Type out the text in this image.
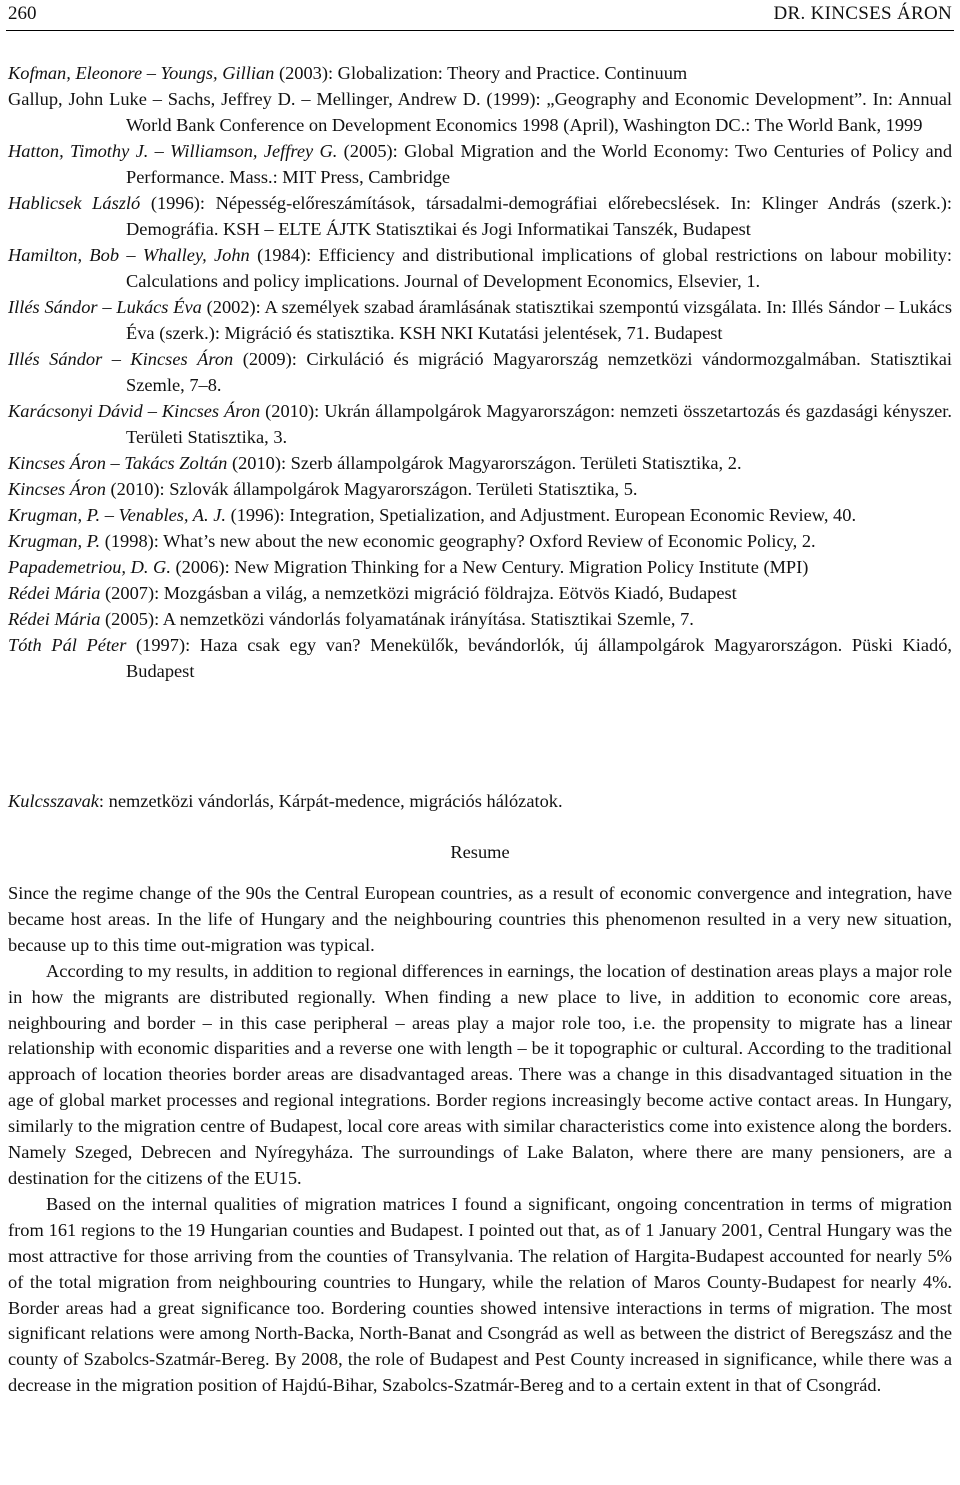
260	DR. KINCSES ÁRON
Kofman, Eleonore – Youngs, Gillian (2003): Globalization: Theory and Practice. Continuum
Gallup, John Luke – Sachs, Jeffrey D. – Mellinger, Andrew D. (1999): „Geography and Economic Development”. In: Annual World Bank Conference on Development Economics 1998 (April), Washington DC.: The World Bank, 1999
Hatton, Timothy J. – Williamson, Jeffrey G. (2005): Global Migration and the World Economy: Two Centuries of Policy and Performance. Mass.: MIT Press, Cambridge
Hablicsek László (1996): Népesség-előreszámítások, társadalmi-demográfiai előrebecslések. In: Klinger András (szerk.): Demográfia. KSH – ELTE ÁJTK Statisztikai és Jogi Informatikai Tanszék, Budapest
Hamilton, Bob – Whalley, John (1984): Efficiency and distributional implications of global restrictions on labour mobility: Calculations and policy implications. Journal of Development Economics, Elsevier, 1.
Illés Sándor – Lukács Éva (2002): A személyek szabad áramlásának statisztikai szempontú vizsgálata. In: Illés Sándor – Lukács Éva (szerk.): Migráció és statisztika. KSH NKI Kutatási jelentések, 71. Budapest
Illés Sándor – Kincses Áron (2009): Cirkuláció és migráció Magyarország nemzetközi vándormozgalmában. Statisztikai Szemle, 7–8.
Karácsonyi Dávid – Kincses Áron (2010): Ukrán állampolgárok Magyarországon: nemzeti összetartozás és gazdasági kényszer. Területi Statisztika, 3.
Kincses Áron – Takács Zoltán (2010): Szerb állampolgárok Magyarországon. Területi Statisztika, 2.
Kincses Áron (2010): Szlovák állampolgárok Magyarországon. Területi Statisztika, 5.
Krugman, P. – Venables, A. J. (1996): Integration, Spetialization, and Adjustment. European Economic Review, 40.
Krugman, P. (1998): What’s new about the new economic geography? Oxford Review of Economic Policy, 2.
Papademetriou, D. G. (2006): New Migration Thinking for a New Century. Migration Policy Institute (MPI)
Rédei Mária (2007): Mozgásban a világ, a nemzetközi migráció földrajza. Eötvös Kiadó, Budapest
Rédei Mária (2005): A nemzetközi vándorlás folyamatának irányítása. Statisztikai Szemle, 7.
Tóth Pál Péter (1997): Haza csak egy van? Menekülők, bevándorlók, új állampolgárok Magyarországon. Püski Kiadó, Budapest
Kulcsszavak: nemzetközi vándorlás, Kárpát-medence, migrációs hálózatok.
Resume

Since the regime change of the 90s the Central European countries, as a result of economic convergence and integration, have became host areas. In the life of Hungary and the neighbouring countries this phenomenon resulted in a very new situation, because up to this time out-migration was typical.

According to my results, in addition to regional differences in earnings, the location of destination areas plays a major role in how the migrants are distributed regionally. When finding a new place to live, in addition to economic core areas, neighbouring and border – in this case peripheral – areas play a major role too, i.e. the propensity to migrate has a linear relationship with economic disparities and a reverse one with length – be it topographic or cultural. According to the traditional approach of location theories border areas are disadvantaged areas. There was a change in this disadvantaged situation in the age of global market processes and regional integrations. Border regions increasingly become active contact areas. In Hungary, similarly to the migration centre of Budapest, local core areas with similar characteristics come into existence along the borders. Namely Szeged, Debrecen and Nyíregyháza. The surroundings of Lake Balaton, where there are many pensioners, are a destination for the citizens of the EU15.

Based on the internal qualities of migration matrices I found a significant, ongoing concentration in terms of migration from 161 regions to the 19 Hungarian counties and Budapest. I pointed out that, as of 1 January 2001, Central Hungary was the most attractive for those arriving from the counties of Transylvania. The relation of Hargita-Budapest accounted for nearly 5% of the total migration from neighbouring countries to Hungary, while the relation of Maros County-Budapest for nearly 4%. Border areas had a great significance too. Bordering counties showed intensive interactions in terms of migration. The most significant relations were among North-Backa, North-Banat and Csongrád as well as between the district of Beregszász and the county of Szabolcs-Szatmár-Bereg. By 2008, the role of Budapest and Pest County increased in significance, while there was a decrease in the migration position of Hajdú-Bihar, Szabolcs-Szatmár-Bereg and to a certain extent in that of Csongrád.
